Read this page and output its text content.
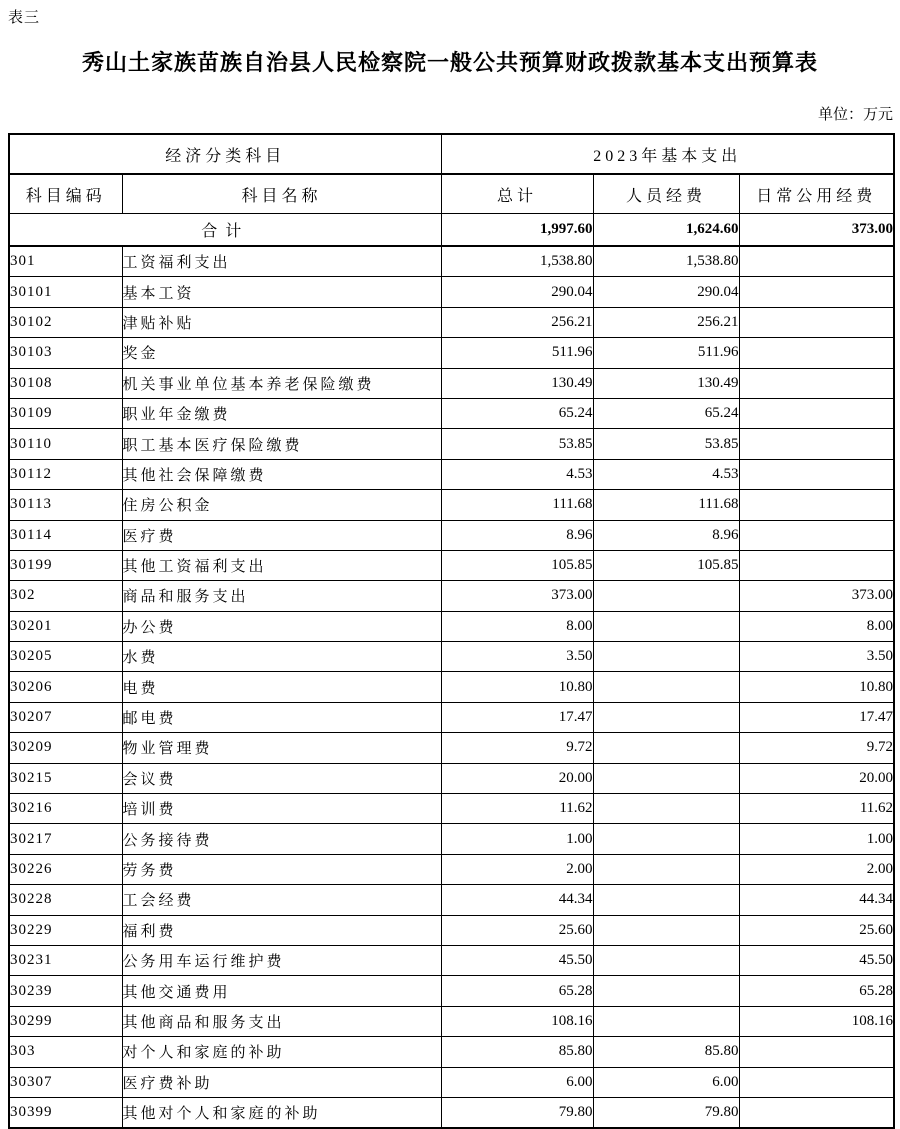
表三
秀山土家族苗族自治县人民检察院一般公共预算财政拨款基本支出预算表
单位：万元
经济分类科目		2023年基本支出		
科目编码	科目名称	总计	人员经费	日常公用经费
合计		1,997.60	1,624.60	373.00
301	工资福利支出	1,538.80	1,538.80	
30101	基本工资	290.04	290.04	
30102	津贴补贴	256.21	256.21	
30103	奖金	511.96	511.96	
30108	机关事业单位基本养老保险缴费	130.49	130.49	
30109	职业年金缴费	65.24	65.24	
30110	职工基本医疗保险缴费	53.85	53.85	
30112	其他社会保障缴费	4.53	4.53	
30113	住房公积金	111.68	111.68	
30114	医疗费	8.96	8.96	
30199	其他工资福利支出	105.85	105.85	
302	商品和服务支出	373.00		373.00
30201	办公费	8.00		8.00
30205	水费	3.50		3.50
30206	电费	10.80		10.80
30207	邮电费	17.47		17.47
30209	物业管理费	9.72		9.72
30215	会议费	20.00		20.00
30216	培训费	11.62		11.62
30217	公务接待费	1.00		1.00
30226	劳务费	2.00		2.00
30228	工会经费	44.34		44.34
30229	福利费	25.60		25.60
30231	公务用车运行维护费	45.50		45.50
30239	其他交通费用	65.28		65.28
30299	其他商品和服务支出	108.16		108.16
303	对个人和家庭的补助	85.80	85.80	
30307	医疗费补助	6.00	6.00	
30399	其他对个人和家庭的补助	79.80	79.80	
